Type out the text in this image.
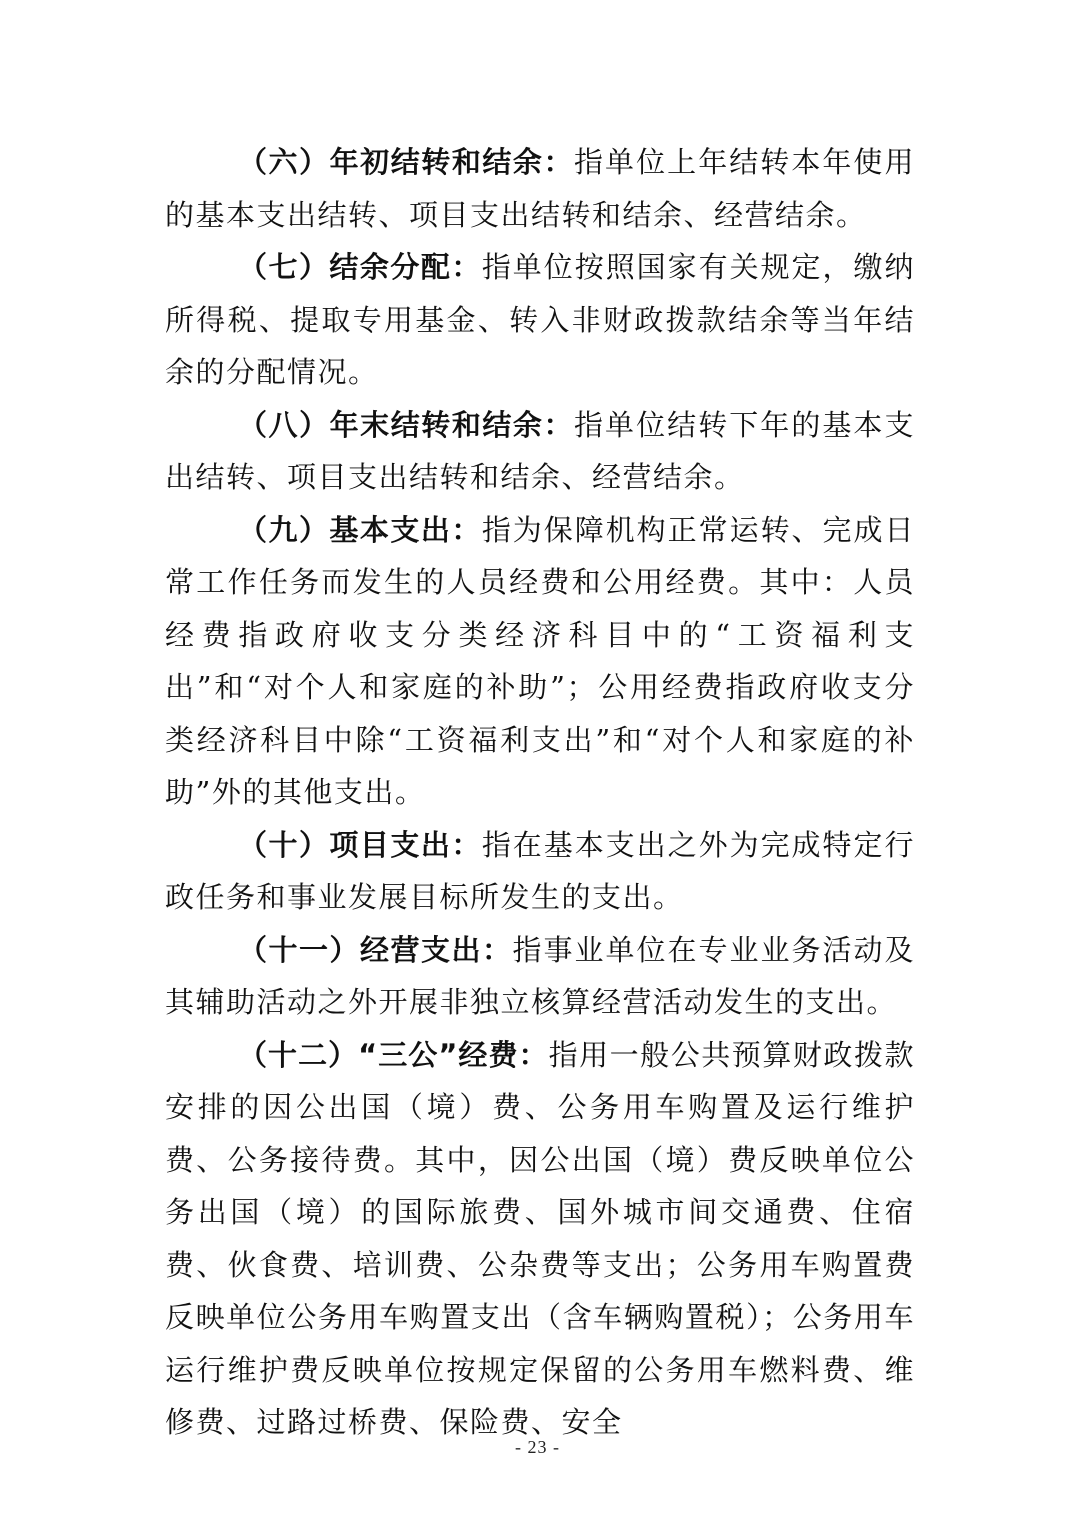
（六）年初结转和结余：指单位上年结转本年使用的基本支出结转、项目支出结转和结余、经营结余。

（七）结余分配：指单位按照国家有关规定，缴纳所得税、提取专用基金、转入非财政拨款结余等当年结余的分配情况。

（八）年末结转和结余：指单位结转下年的基本支出结转、项目支出结转和结余、经营结余。

（九）基本支出：指为保障机构正常运转、完成日常工作任务而发生的人员经费和公用经费。其中：人员经费指政府收支分类经济科目中的“工资福利支出”和“对个人和家庭的补助”；公用经费指政府收支分类经济科目中除“工资福利支出”和“对个人和家庭的补助”外的其他支出。

（十）项目支出：指在基本支出之外为完成特定行政任务和事业发展目标所发生的支出。

（十一）经营支出：指事业单位在专业业务活动及其辅助活动之外开展非独立核算经营活动发生的支出。

（十二）“三公”经费：指用一般公共预算财政拨款安排的因公出国（境）费、公务用车购置及运行维护费、公务接待费。其中，因公出国（境）费反映单位公务出国（境）的国际旅费、国外城市间交通费、住宿费、伙食费、培训费、公杂费等支出；公务用车购置费反映单位公务用车购置支出（含车辆购置税）；公务用车运行维护费反映单位按规定保留的公务用车燃料费、维修费、过路过桥费、保险费、安全

- 23 -
